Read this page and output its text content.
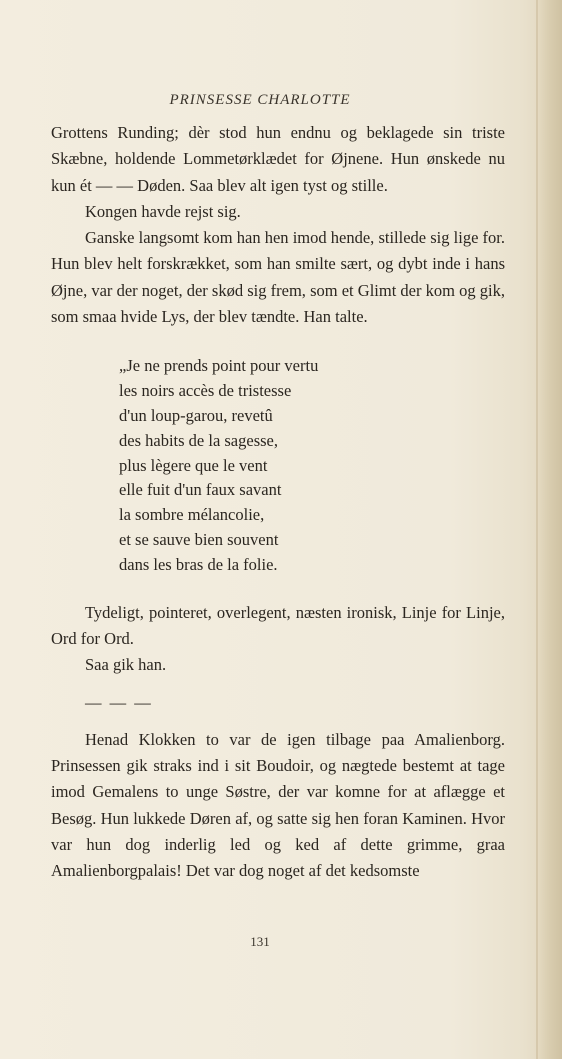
PRINSESSE CHARLOTTE

Grottens Runding; dèr stod hun endnu og beklagede sin triste Skæbne, holdende Lommetørklædet for Øjnene. Hun ønskede nu kun ét — — Døden. Saa blev alt igen tyst og stille.

Kongen havde rejst sig.

Ganske langsomt kom han hen imod hende, stillede sig lige for. Hun blev helt forskrækket, som han smilte sært, og dybt inde i hans Øjne, var der noget, der skød sig frem, som et Glimt der kom og gik, som smaa hvide Lys, der blev tændte. Han talte.

„Je ne prends point pour vertu
les noirs accès de tristesse
d'un loup-garou, revetû
des habits de la sagesse,
plus lègere que le vent
elle fuit d'un faux savant
la sombre mélancolie,
et se sauve bien souvent
dans les bras de la folie.

Tydeligt, pointeret, overlegent, næsten ironisk, Linje for Linje, Ord for Ord.

Saa gik han.

— — —

Henad Klokken to var de igen tilbage paa Amalienborg. Prinsessen gik straks ind i sit Boudoir, og nægtede bestemt at tage imod Gemalens to unge Søstre, der var komne for at aflægge et Besøg. Hun lukkede Døren af, og satte sig hen foran Kaminen. Hvor var hun dog inderlig led og ked af dette grimme, graa Amalienborgpalais! Det var dog noget af det kedsomste

131
